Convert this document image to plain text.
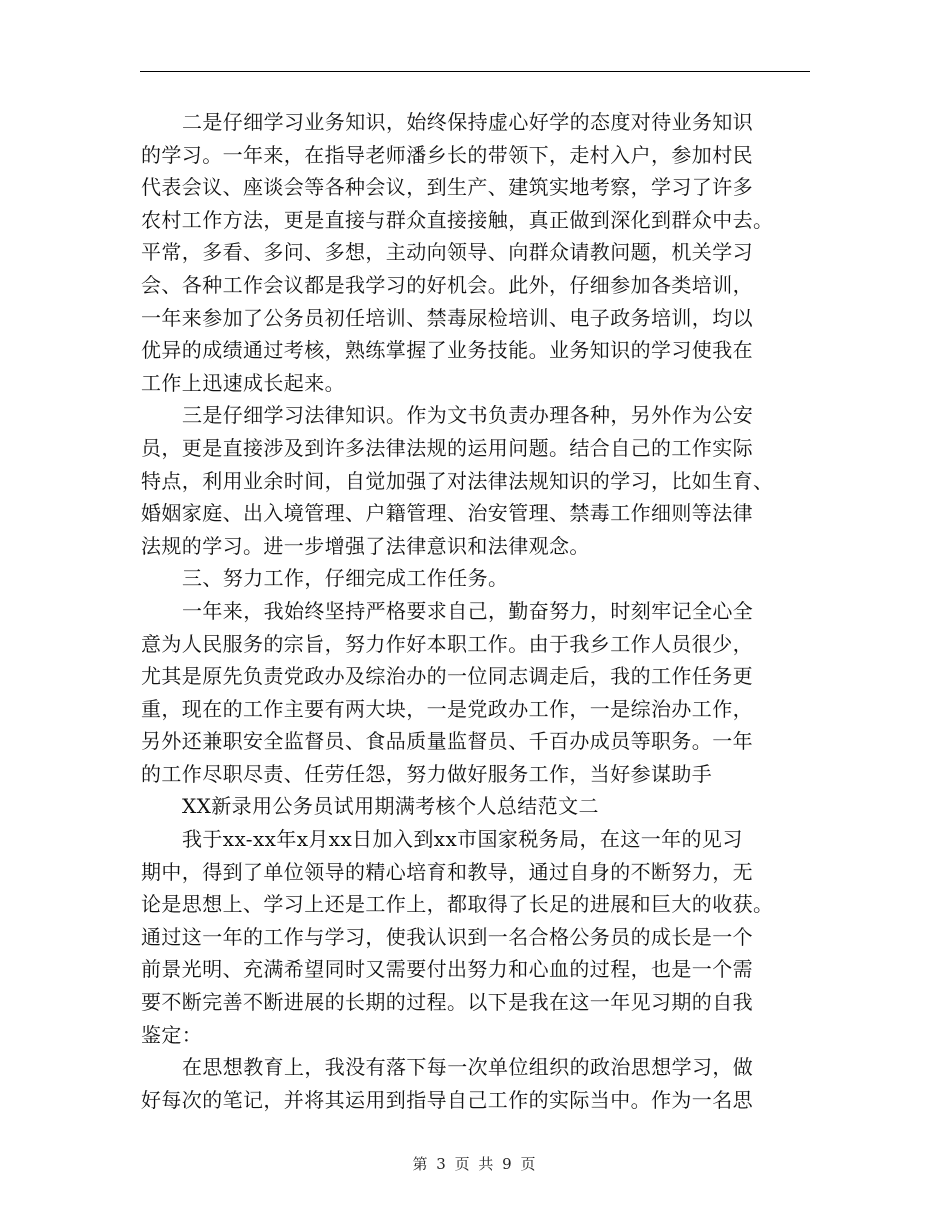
二是仔细学习业务知识，始终保持虚心好学的态度对待业务知识
的学习。一年来，在指导老师潘乡长的带领下，走村入户，参加村民
代表会议、座谈会等各种会议，到生产、建筑实地考察，学习了许多
农村工作方法，更是直接与群众直接接触，真正做到深化到群众中去。
平常，多看、多问、多想，主动向领导、向群众请教问题，机关学习
会、各种工作会议都是我学习的好机会。此外，仔细参加各类培训，
一年来参加了公务员初任培训、禁毒尿检培训、电子政务培训，均以
优异的成绩通过考核，熟练掌握了业务技能。业务知识的学习使我在
工作上迅速成长起来。
三是仔细学习法律知识。作为文书负责办理各种，另外作为公安
员，更是直接涉及到许多法律法规的运用问题。结合自己的工作实际
特点，利用业余时间，自觉加强了对法律法规知识的学习，比如生育、
婚姻家庭、出入境管理、户籍管理、治安管理、禁毒工作细则等法律
法规的学习。进一步增强了法律意识和法律观念。
三、努力工作，仔细完成工作任务。
一年来，我始终坚持严格要求自己，勤奋努力，时刻牢记全心全
意为人民服务的宗旨，努力作好本职工作。由于我乡工作人员很少，
尤其是原先负责党政办及综治办的一位同志调走后，我的工作任务更
重，现在的工作主要有两大块，一是党政办工作，一是综治办工作，
另外还兼职安全监督员、食品质量监督员、千百办成员等职务。一年
的工作尽职尽责、任劳任怨，努力做好服务工作，当好参谋助手
XX新录用公务员试用期满考核个人总结范文二
我于xx-xx年x月xx日加入到xx市国家税务局，在这一年的见习
期中，得到了单位领导的精心培育和教导，通过自身的不断努力，无
论是思想上、学习上还是工作上，都取得了长足的进展和巨大的收获。
通过这一年的工作与学习，使我认识到一名合格公务员的成长是一个
前景光明、充满希望同时又需要付出努力和心血的过程，也是一个需
要不断完善不断进展的长期的过程。以下是我在这一年见习期的自我
鉴定：
在思想教育上，我没有落下每一次单位组织的政治思想学习，做
好每次的笔记，并将其运用到指导自己工作的实际当中。作为一名思
第 3 页 共 9 页
